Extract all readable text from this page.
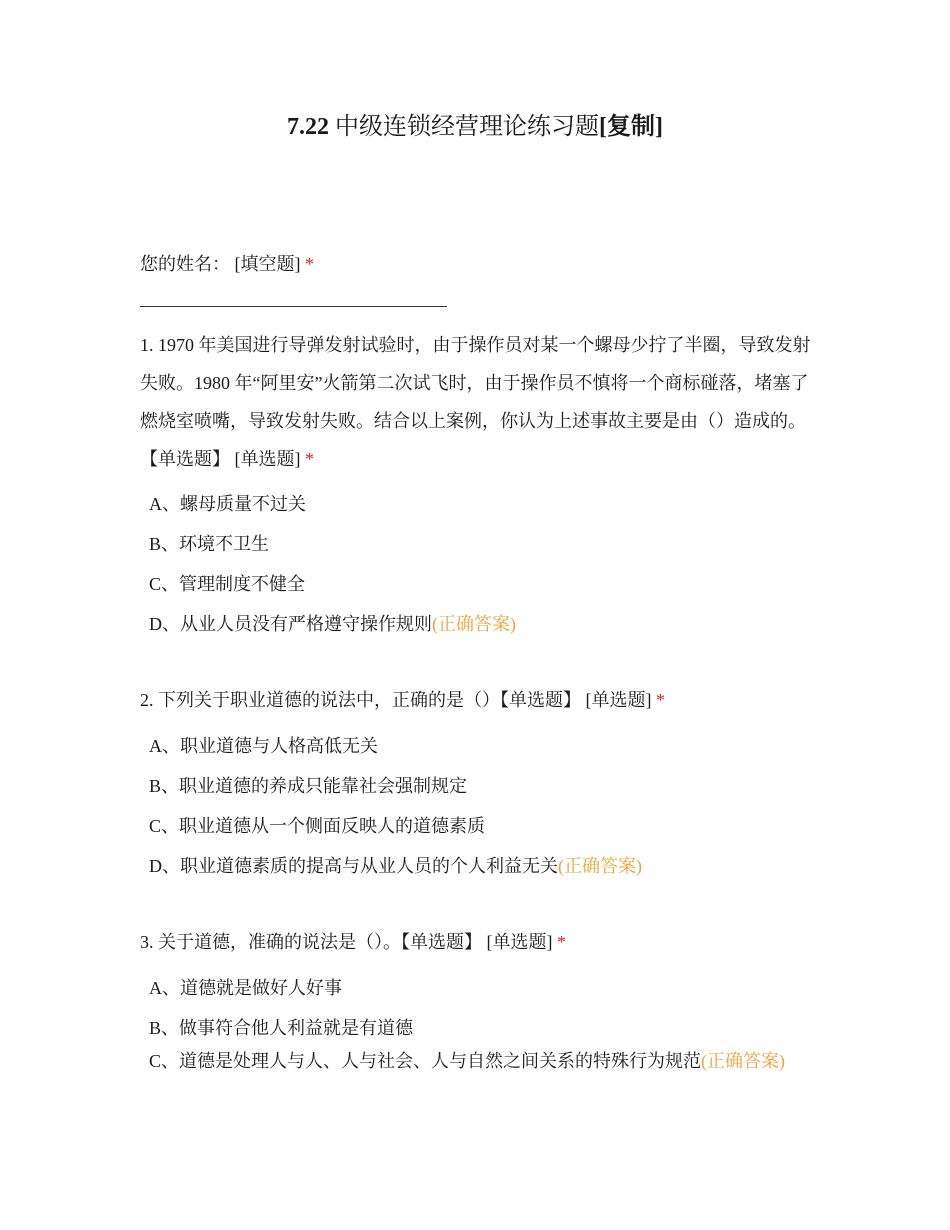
7.22 中级连锁经营理论练习题[复制]
您的姓名： [填空题] *
1. 1970 年美国进行导弹发射试验时，由于操作员对某一个螺母少拧了半圈，导致发射失败。1980 年“阿里安”火箭第二次试飞时，由于操作员不慎将一个商标碰落，堵塞了燃烧室喷嘴，导致发射失败。结合以上案例，你认为上述事故主要是由（）造成的。【单选题】 [单选题] *
A、螺母质量不过关
B、环境不卫生
C、管理制度不健全
D、从业人员没有严格遵守操作规则(正确答案)
2. 下列关于职业道德的说法中，正确的是（）【单选题】 [单选题] *
A、职业道德与人格高低无关
B、职业道德的养成只能靠社会强制规定
C、职业道德从一个侧面反映人的道德素质
D、职业道德素质的提高与从业人员的个人利益无关(正确答案)
3. 关于道德，准确的说法是（）。【单选题】 [单选题] *
A、道德就是做好人好事
B、做事符合他人利益就是有道德
C、道德是处理人与人、人与社会、人与自然之间关系的特殊行为规范(正确答案)
